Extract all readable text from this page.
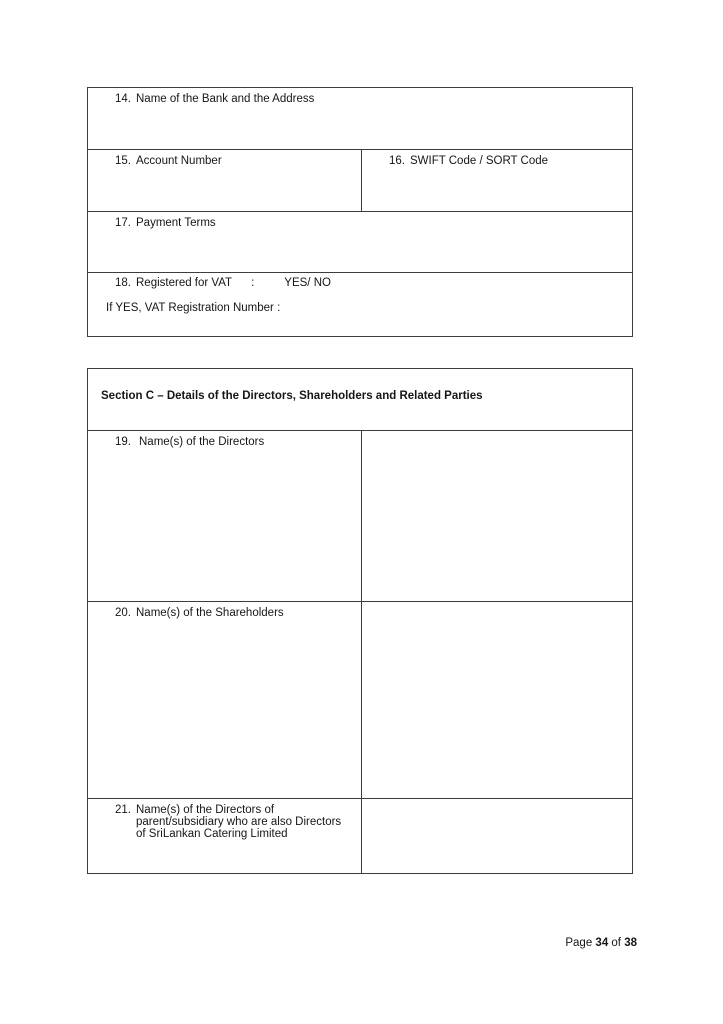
14. Name of the Bank and the Address
15. Account Number	16. SWIFT Code / SORT Code
17. Payment Terms
18. Registered for VAT :	YES/ NO
If YES, VAT Registration Number :
Section C – Details of the Directors, Shareholders and Related Parties
19. Name(s) of the Directors
20. Name(s) of the Shareholders
21. Name(s) of the Directors of parent/subsidiary who are also Directors of SriLankan Catering Limited
Page 34 of 38
